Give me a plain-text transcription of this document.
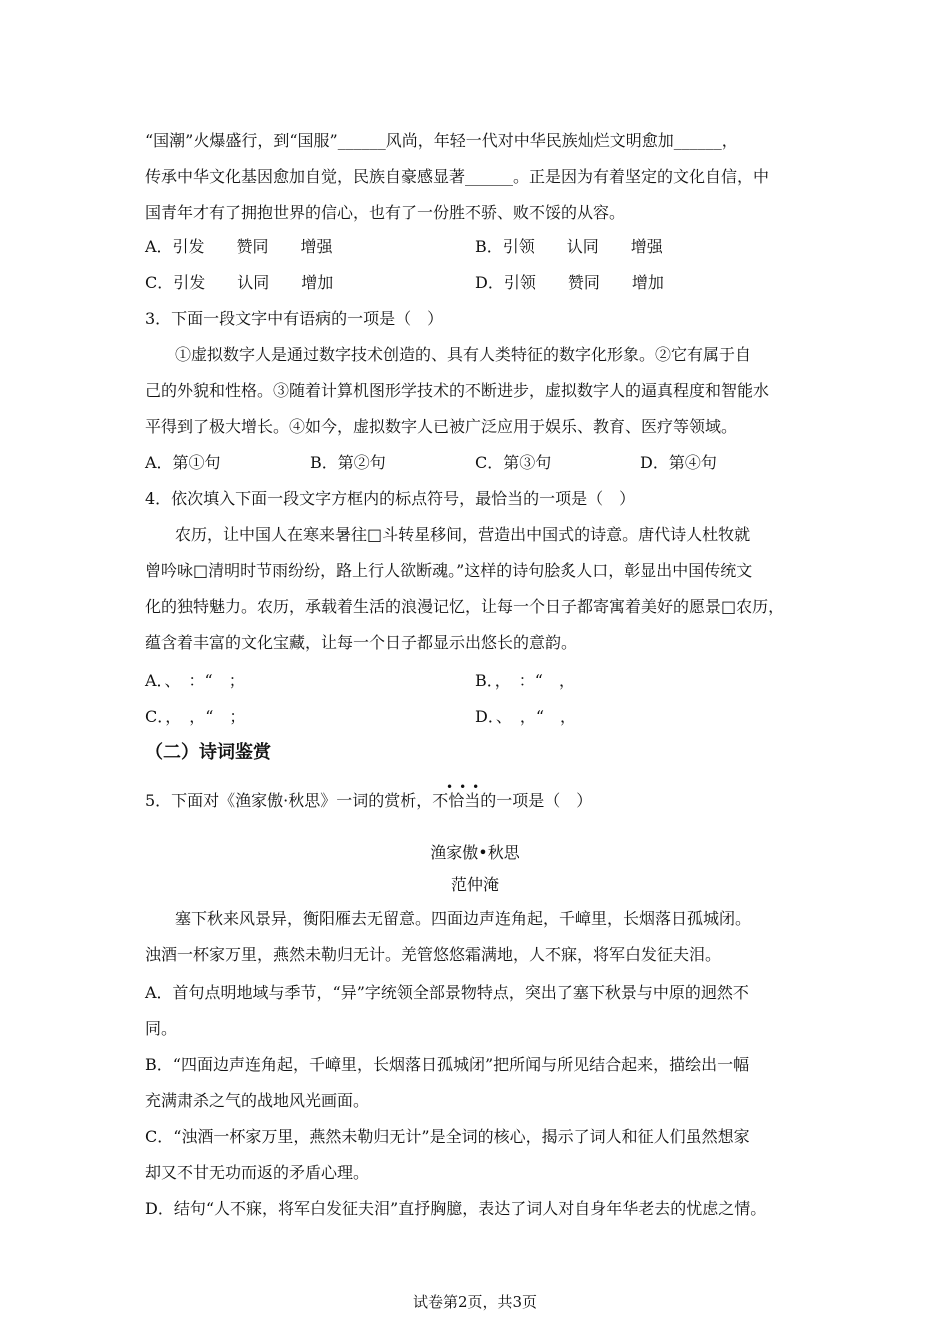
“国潮”火爆盛行，到“国服”______风尚，年轻一代对中华民族灿烂文明愈加______，
传承中华文化基因愈加自觉，民族自豪感显著______。正是因为有着坚定的文化自信，中
国青年才有了拥抱世界的信心，也有了一份胜不骄、败不馁的从容。
A．引发　　赞同　　增强	B．引领　　认同　　增强
C．引发　　认同　　增加	D．引领　　赞同　　增加
3．下面一段文字中有语病的一项是（　）
①虚拟数字人是通过数字技术创造的、具有人类特征的数字化形象。②它有属于自
己的外貌和性格。③随着计算机图形学技术的不断进步，虚拟数字人的逼真程度和智能水
平得到了极大增长。④如今，虚拟数字人已被广泛应用于娱乐、教育、医疗等领域。
A．第①句	B．第②句	C．第③句	D．第④句
4．依次填入下面一段文字方框内的标点符号，最恰当的一项是（　）
农历，让中国人在寒来暑往□斗转星移间，营造出中国式的诗意。唐代诗人杜牧就
曾吟咏□清明时节雨纷纷，路上行人欲断魂。”这样的诗句脍炙人口，彰显出中国传统文
化的独特魅力。农历，承载着生活的浪漫记忆，让每一个日子都寄寓着美好的愿景□农历，
蕴含着丰富的文化宝藏，让每一个日子都显示出悠长的意韵。
A．、　：“　；	B．，　：“　，
C．，　，“　；	D．、　，“　，
（二）诗词鉴赏
•••
5．下面对《渔家傲·秋思》一词的赏析，不恰当的一项是（　）
渔家傲•秋思
范仲淹
塞下秋来风景异，衡阳雁去无留意。四面边声连角起，千嶂里，长烟落日孤城闭。
浊酒一杯家万里，燕然未勒归无计。羌管悠悠霜满地，人不寐，将军白发征夫泪。
A．首句点明地域与季节，“异”字统领全部景物特点，突出了塞下秋景与中原的迥然不
同。
B．“四面边声连角起，千嶂里，长烟落日孤城闭”把所闻与所见结合起来，描绘出一幅
充满肃杀之气的战地风光画面。
C．“浊酒一杯家万里，燕然未勒归无计”是全词的核心，揭示了词人和征人们虽然想家
却又不甘无功而返的矛盾心理。
D．结句“人不寐，将军白发征夫泪”直抒胸臆，表达了词人对自身年华老去的忧虑之情。
试卷第2页，共3页
